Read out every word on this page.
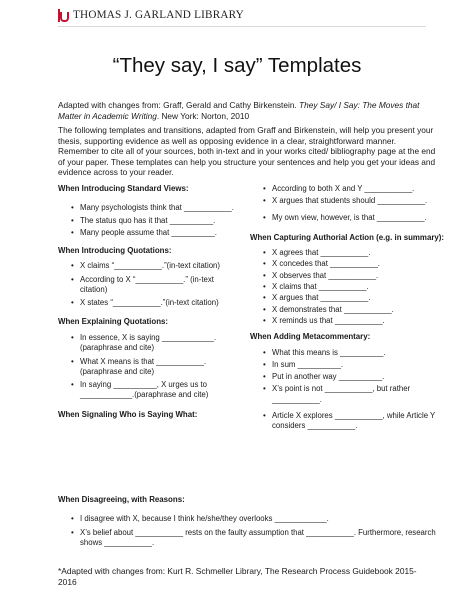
THOMAS J. GARLAND LIBRARY
“They say, I say” Templates

Adapted with changes from: Graff, Gerald and Cathy Birkenstein. They Say/ I Say: The Moves that Matter in Academic Writing. New York: Norton, 2010

The following templates and transitions, adapted from Graff and Birkenstein, will help you present your thesis, supporting evidence as well as opposing evidence in a clear, straightforward manner. Remember to cite all of your sources, both in-text and in your works cited/ bibliography page at the end of your paper. These templates can help you structure your sentences and help you get your ideas and evidence across to your reader.

When Introducing Standard Views:

• Many psychologists think that ___________.
• The status quo has it that __________.
• Many people assume that __________.

When Introducing Quotations:

• X claims “___________.”(in-text citation)
• According to X “___________.” (in-text citation)
• X states “___________.”(in-text citation)

When Explaining Quotations:

• In essence, X is saying ____________. (paraphrase and cite)
• What X means is that ___________. (paraphrase and cite)
• In saying __________, X urges us to ____________.(paraphrase and cite)

When Signaling Who is Saying What:

• According to both X and Y ___________.
• X argues that students should ___________.
• My own view, however, is that ___________.

When Capturing Authorial Action (e.g. in summary):

• X agrees that ___________.
• X concedes that ___________.
• X observes that ___________.
• X claims that ___________.
• X argues that ___________.
• X demonstrates that ___________.
• X reminds us that ___________.

When Adding Metacommentary:

• What this means is __________.
• In sum __________.
• Put in another way __________.
• X’s point is not ___________, but rather ___________.
• Article X explores ___________, while Article Y considers ___________.

When Disagreeing, with Reasons:

• I disagree with X, because I think he/she/they overlooks ____________.
• X’s belief about ___________ rests on the faulty assumption that ___________. Furthermore, research shows ___________.
*Adapted with changes from: Kurt R. Schmeller Library, The Research Process Guidebook 2015-2016
